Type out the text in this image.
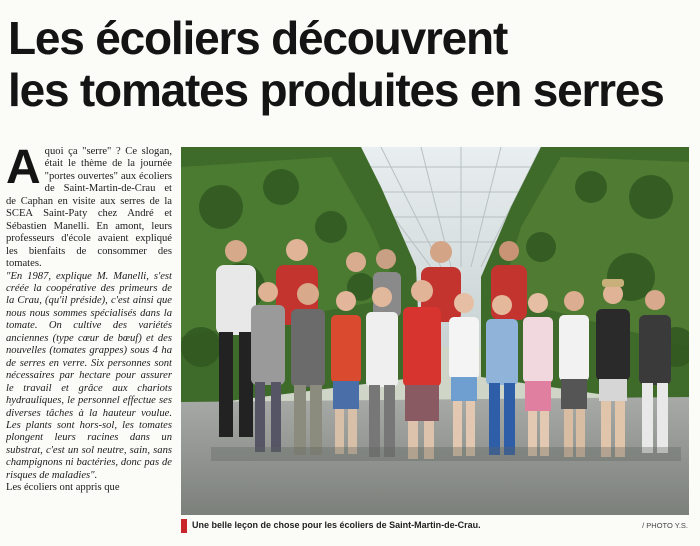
Les écoliers découvrent
les tomates produites en serres

Aquoi ça "serre" ? Ce slogan, était le thème de la journée "portes ouvertes" aux écoliers de Saint-Martin-de-Crau et de Caphan en visite aux serres de la SCEA Saint-Paty chez André et Sébastien Manelli. En amont, leurs professeurs d'école avaient expliqué les bienfaits de consommer des tomates.

"En 1987, explique M. Manelli, s'est créée la coopérative des primeurs de la Crau, (qu'il préside), c'est ainsi que nous nous sommes spécialisés dans la tomate. On cultive des variétés anciennes (type cœur de bœuf) et des nouvelles (tomates grappes) sous 4 ha de serres en verre. Six personnes sont nécessaires par hectare pour assurer le travail et grâce aux chariots hydrauliques, le personnel effectue ses diverses tâches à la hauteur voulue. Les plants sont hors-sol, les tomates plongent leurs racines dans un substrat, c'est un sol neutre, sain, sans champignons ni bactéries, donc pas de risques de maladies".

Les écoliers ont appris que

Une belle leçon de chose pour les écoliers de Saint-Martin-de-Crau.	/ PHOTO Y.S.
